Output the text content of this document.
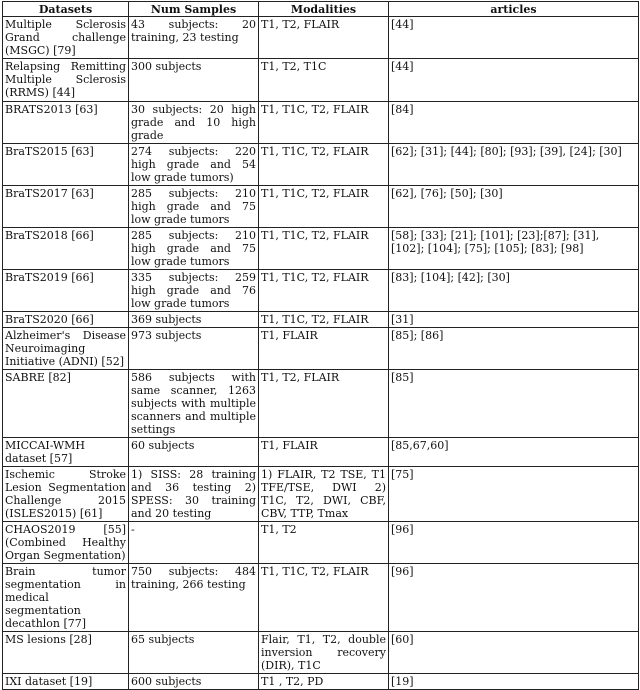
Datasets	Num Samples	Modalities	articles
Multiple Sclerosis Grand challenge (MSGC) [79]	43 subjects: 20 training, 23 testing	T1, T2, FLAIR	[44]
Relapsing Remitting Multiple Sclerosis (RRMS) [44]	300 subjects	T1, T2, T1C	[44]
BRATS2013 [63]	30 subjects: 20 high grade and 10 high grade	T1, T1C, T2, FLAIR	[84]
BraTS2015 [63]	274 subjects: 220 high grade and 54 low grade tumors)	T1, T1C, T2, FLAIR	[62]; [31]; [44]; [80]; [93]; [39], [24]; [30]
BraTS2017 [63]	285 subjects: 210 high grade and 75 low grade tumors	T1, T1C, T2, FLAIR	[62], [76]; [50]; [30]
BraTS2018 [66]	285 subjects: 210 high grade and 75 low grade tumors	T1, T1C, T2, FLAIR	[58]; [33]; [21]; [101]; [23];[87]; [31], [102]; [104]; [75]; [105]; [83]; [98]
BraTS2019 [66]	335 subjects: 259 high grade and 76 low grade tumors	T1, T1C, T2, FLAIR	[83]; [104]; [42]; [30]
BraTS2020 [66]	369 subjects	T1, T1C, T2, FLAIR	[31]
Alzheimer's Disease Neuroimaging Initiative (ADNI) [52]	973 subjects	T1, FLAIR	[85]; [86]
SABRE [82]	586 subjects with same scanner, 1263 subjects with multiple scanners and multiple settings	T1, T2, FLAIR	[85]
MICCAI-WMH dataset [57]	60 subjects	T1, FLAIR	[85,67,60]
Ischemic Stroke Lesion Segmentation Challenge 2015 (ISLES2015) [61]	1) SISS: 28 training and 36 testing 2) SPESS: 30 training and 20 testing	1) FLAIR, T2 TSE, T1 TFE/TSE, DWI 2) T1C, T2, DWI, CBF, CBV, TTP, Tmax	[75]
CHAOS2019 [55](Combined Healthy Organ Segmentation)	-	T1, T2	[96]
Brain tumor segmentation in medical segmentation decathlon [77]	750 subjects: 484 training, 266 testing	T1, T1C, T2, FLAIR	[96]
MS lesions [28]	65 subjects	Flair, T1, T2, double inversion recovery (DIR), T1C	[60]
IXI dataset [19]	600 subjects	T1 , T2, PD	[19]
